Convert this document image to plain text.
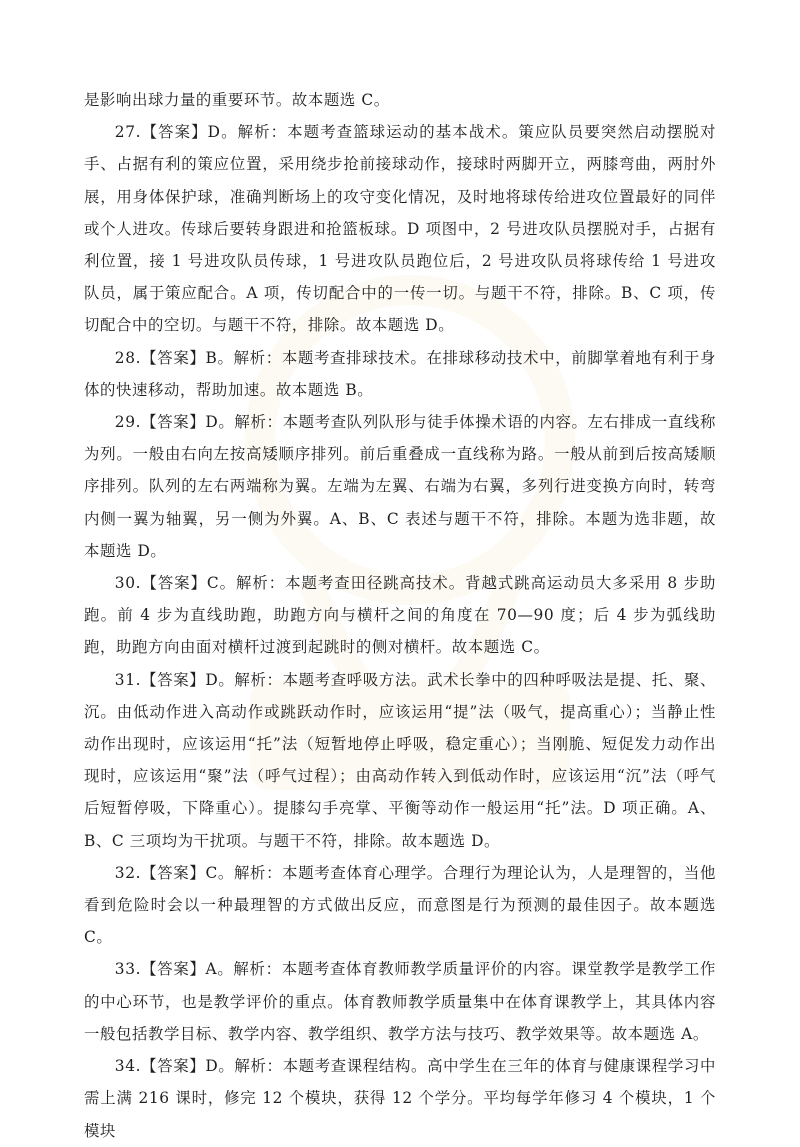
是影响出球力量的重要环节。故本题选 C。

27.【答案】D。解析：本题考查篮球运动的基本战术。策应队员要突然启动摆脱对手、占据有利的策应位置，采用绕步抢前接球动作，接球时两脚开立，两膝弯曲，两肘外展，用身体保护球，准确判断场上的攻守变化情况，及时地将球传给进攻位置最好的同伴或个人进攻。传球后要转身跟进和抢篮板球。D 项图中，2 号进攻队员摆脱对手，占据有利位置，接 1 号进攻队员传球，1 号进攻队员跑位后，2 号进攻队员将球传给 1 号进攻队员，属于策应配合。A 项，传切配合中的一传一切。与题干不符，排除。B、C 项，传切配合中的空切。与题干不符，排除。故本题选 D。

28.【答案】B。解析：本题考查排球技术。在排球移动技术中，前脚掌着地有利于身体的快速移动，帮助加速。故本题选 B。

29.【答案】D。解析：本题考查队列队形与徒手体操术语的内容。左右排成一直线称为列。一般由右向左按高矮顺序排列。前后重叠成一直线称为路。一般从前到后按高矮顺序排列。队列的左右两端称为翼。左端为左翼、右端为右翼，多列行进变换方向时，转弯内侧一翼为轴翼，另一侧为外翼。A、B、C 表述与题干不符，排除。本题为选非题，故本题选 D。

30.【答案】C。解析：本题考查田径跳高技术。背越式跳高运动员大多采用 8 步助跑。前 4 步为直线助跑，助跑方向与横杆之间的角度在 70—90 度；后 4 步为弧线助跑，助跑方向由面对横杆过渡到起跳时的侧对横杆。故本题选 C。

31.【答案】D。解析：本题考查呼吸方法。武术长拳中的四种呼吸法是提、托、聚、沉。由低动作进入高动作或跳跃动作时，应该运用“提”法（吸气，提高重心）；当静止性动作出现时，应该运用“托”法（短暂地停止呼吸，稳定重心）；当刚脆、短促发力动作出现时，应该运用“聚”法（呼气过程）；由高动作转入到低动作时，应该运用“沉”法（呼气后短暂停吸，下降重心）。提膝勾手亮掌、平衡等动作一般运用“托”法。D 项正确。A、B、C 三项均为干扰项。与题干不符，排除。故本题选 D。

32.【答案】C。解析：本题考查体育心理学。合理行为理论认为，人是理智的，当他看到危险时会以一种最理智的方式做出反应，而意图是行为预测的最佳因子。故本题选 C。

33.【答案】A。解析：本题考查体育教师教学质量评价的内容。课堂教学是教学工作的中心环节，也是教学评价的重点。体育教师教学质量集中在体育课教学上，其具体内容一般包括教学目标、教学内容、教学组织、教学方法与技巧、教学效果等。故本题选 A。

34.【答案】D。解析：本题考查课程结构。高中学生在三年的体育与健康课程学习中需上满 216 课时，修完 12 个模块，获得 12 个学分。平均每学年修习 4 个模块，1 个模块
